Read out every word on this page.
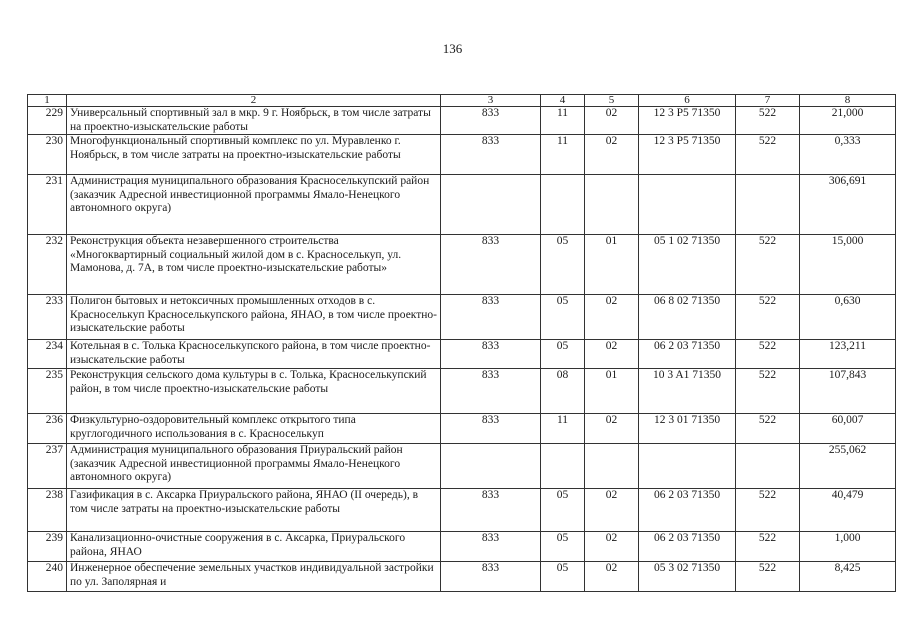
136
1	2	3	4	5	6	7	8
229	Универсальный спортивный зал в мкр. 9 г. Ноябрьск, в том числе затраты на проектно-изыскательские работы	833	11	02	12 3 P5 71350	522	21,000
230	Многофункциональный спортивный комплекс по ул. Муравленко г. Ноябрьск, в том числе затраты на проектно-изыскательские работы	833	11	02	12 3 P5 71350	522	0,333
231	Администрация муниципального образования Красноселькупский район (заказчик Адресной инвестиционной программы Ямало-Ненецкого автономного округа)						306,691
232	Реконструкция объекта незавершенного строительства «Многоквартирный социальный жилой дом в с. Красноселькуп, ул. Мамонова, д. 7А, в том числе проектно-изыскательские работы»	833	05	01	05 1 02 71350	522	15,000
233	Полигон бытовых и нетоксичных промышленных отходов в с. Красноселькуп Красноселькупского района, ЯНАО, в том числе проектно-изыскательские работы	833	05	02	06 8 02 71350	522	0,630
234	Котельная в с. Толька Красноселькупского района, в том числе проектно-изыскательские работы	833	05	02	06 2 03 71350	522	123,211
235	Реконструкция сельского дома культуры в с. Толька, Красноселькупский район, в том числе проектно-изыскательские работы	833	08	01	10 3 A1 71350	522	107,843
236	Физкультурно-оздоровительный комплекс открытого типа круглогодичного использования в с. Красноселькуп	833	11	02	12 3 01 71350	522	60,007
237	Администрация муниципального образования Приуральский район (заказчик Адресной инвестиционной программы Ямало-Ненецкого автономного округа)						255,062
238	Газификация в с. Аксарка Приуральского района, ЯНАО (II очередь), в том числе затраты на проектно-изыскательские работы	833	05	02	06 2 03 71350	522	40,479
239	Канализационно-очистные сооружения в с. Аксарка, Приуральского района, ЯНАО	833	05	02	06 2 03 71350	522	1,000
240	Инженерное обеспечение земельных участков индивидуальной застройки по ул. Заполярная и	833	05	02	05 3 02 71350	522	8,425
